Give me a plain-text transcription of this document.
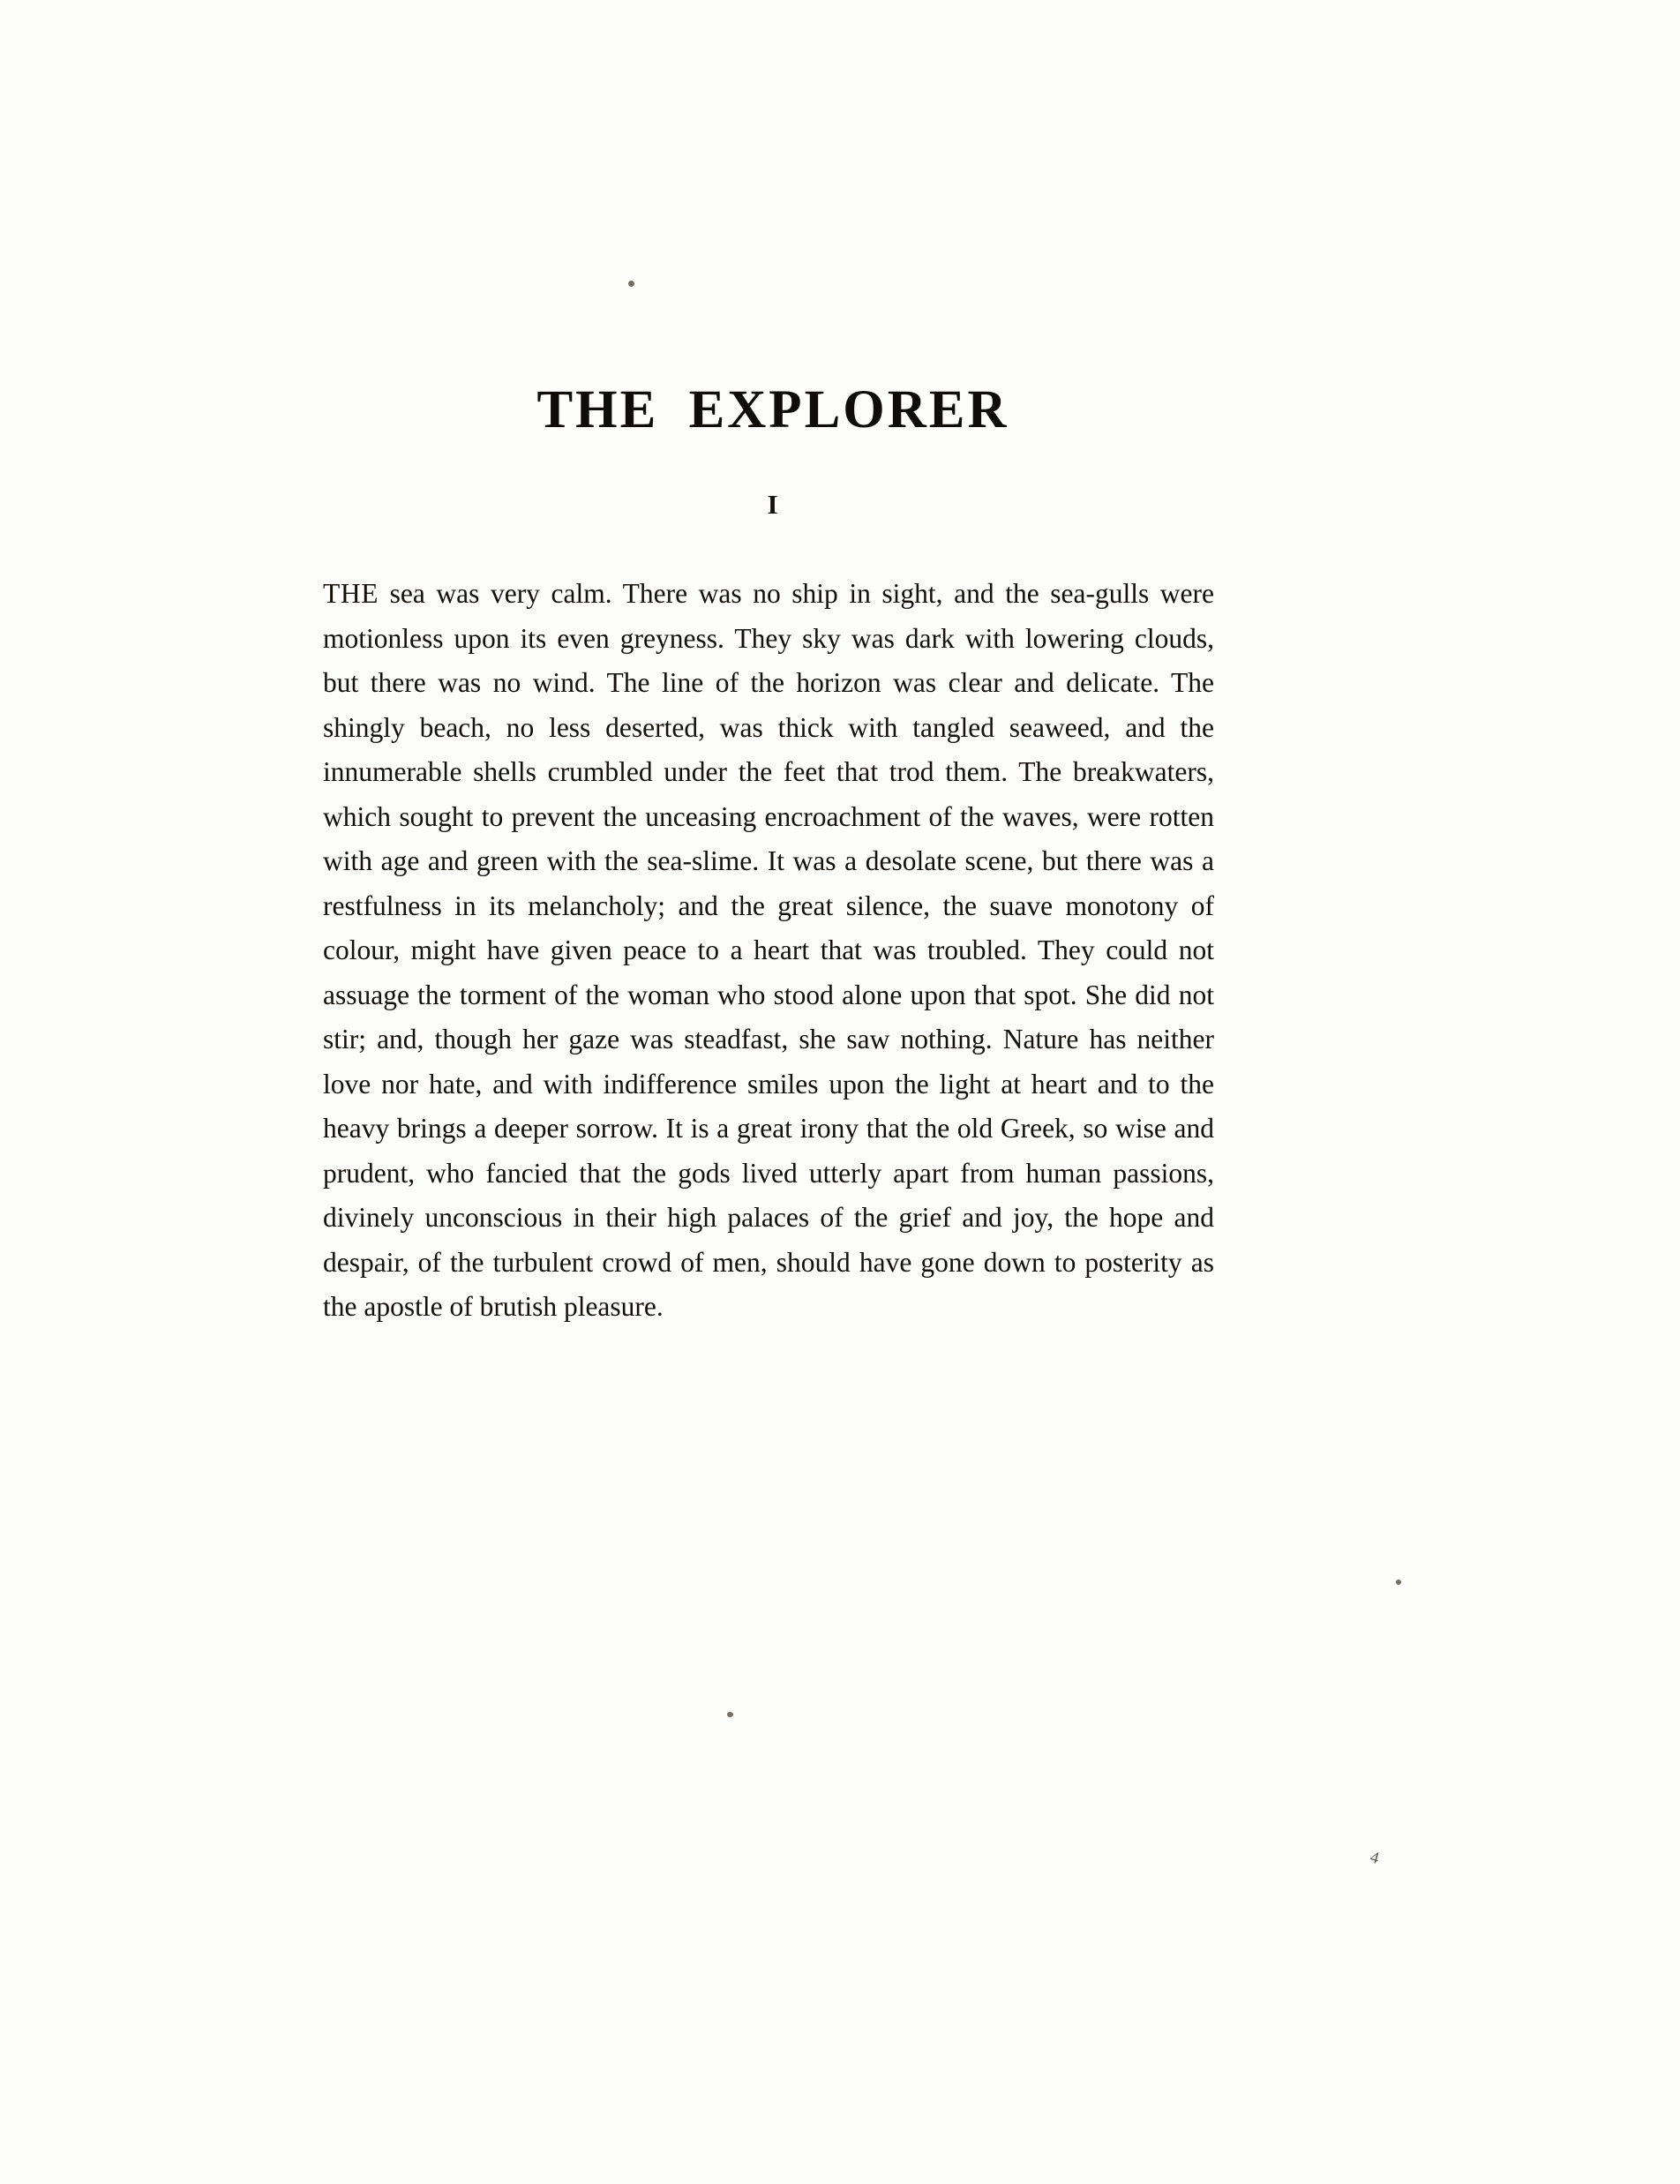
4
THE EXPLORER
I

THE sea was very calm. There was no ship in sight, and the sea-gulls were motionless upon its even greyness. They sky was dark with lowering clouds, but there was no wind. The line of the horizon was clear and delicate. The shingly beach, no less deserted, was thick with tangled seaweed, and the innumerable shells crumbled under the feet that trod them. The breakwaters, which sought to prevent the unceasing encroachment of the waves, were rotten with age and green with the sea-slime. It was a desolate scene, but there was a restfulness in its melancholy; and the great silence, the suave monotony of colour, might have given peace to a heart that was troubled. They could not assuage the torment of the woman who stood alone upon that spot. She did not stir; and, though her gaze was steadfast, she saw nothing. Nature has neither love nor hate, and with indifference smiles upon the light at heart and to the heavy brings a deeper sorrow. It is a great irony that the old Greek, so wise and prudent, who fancied that the gods lived utterly apart from human passions, divinely unconscious in their high palaces of the grief and joy, the hope and despair, of the turbulent crowd of men, should have gone down to posterity as the apostle of brutish pleasure.
